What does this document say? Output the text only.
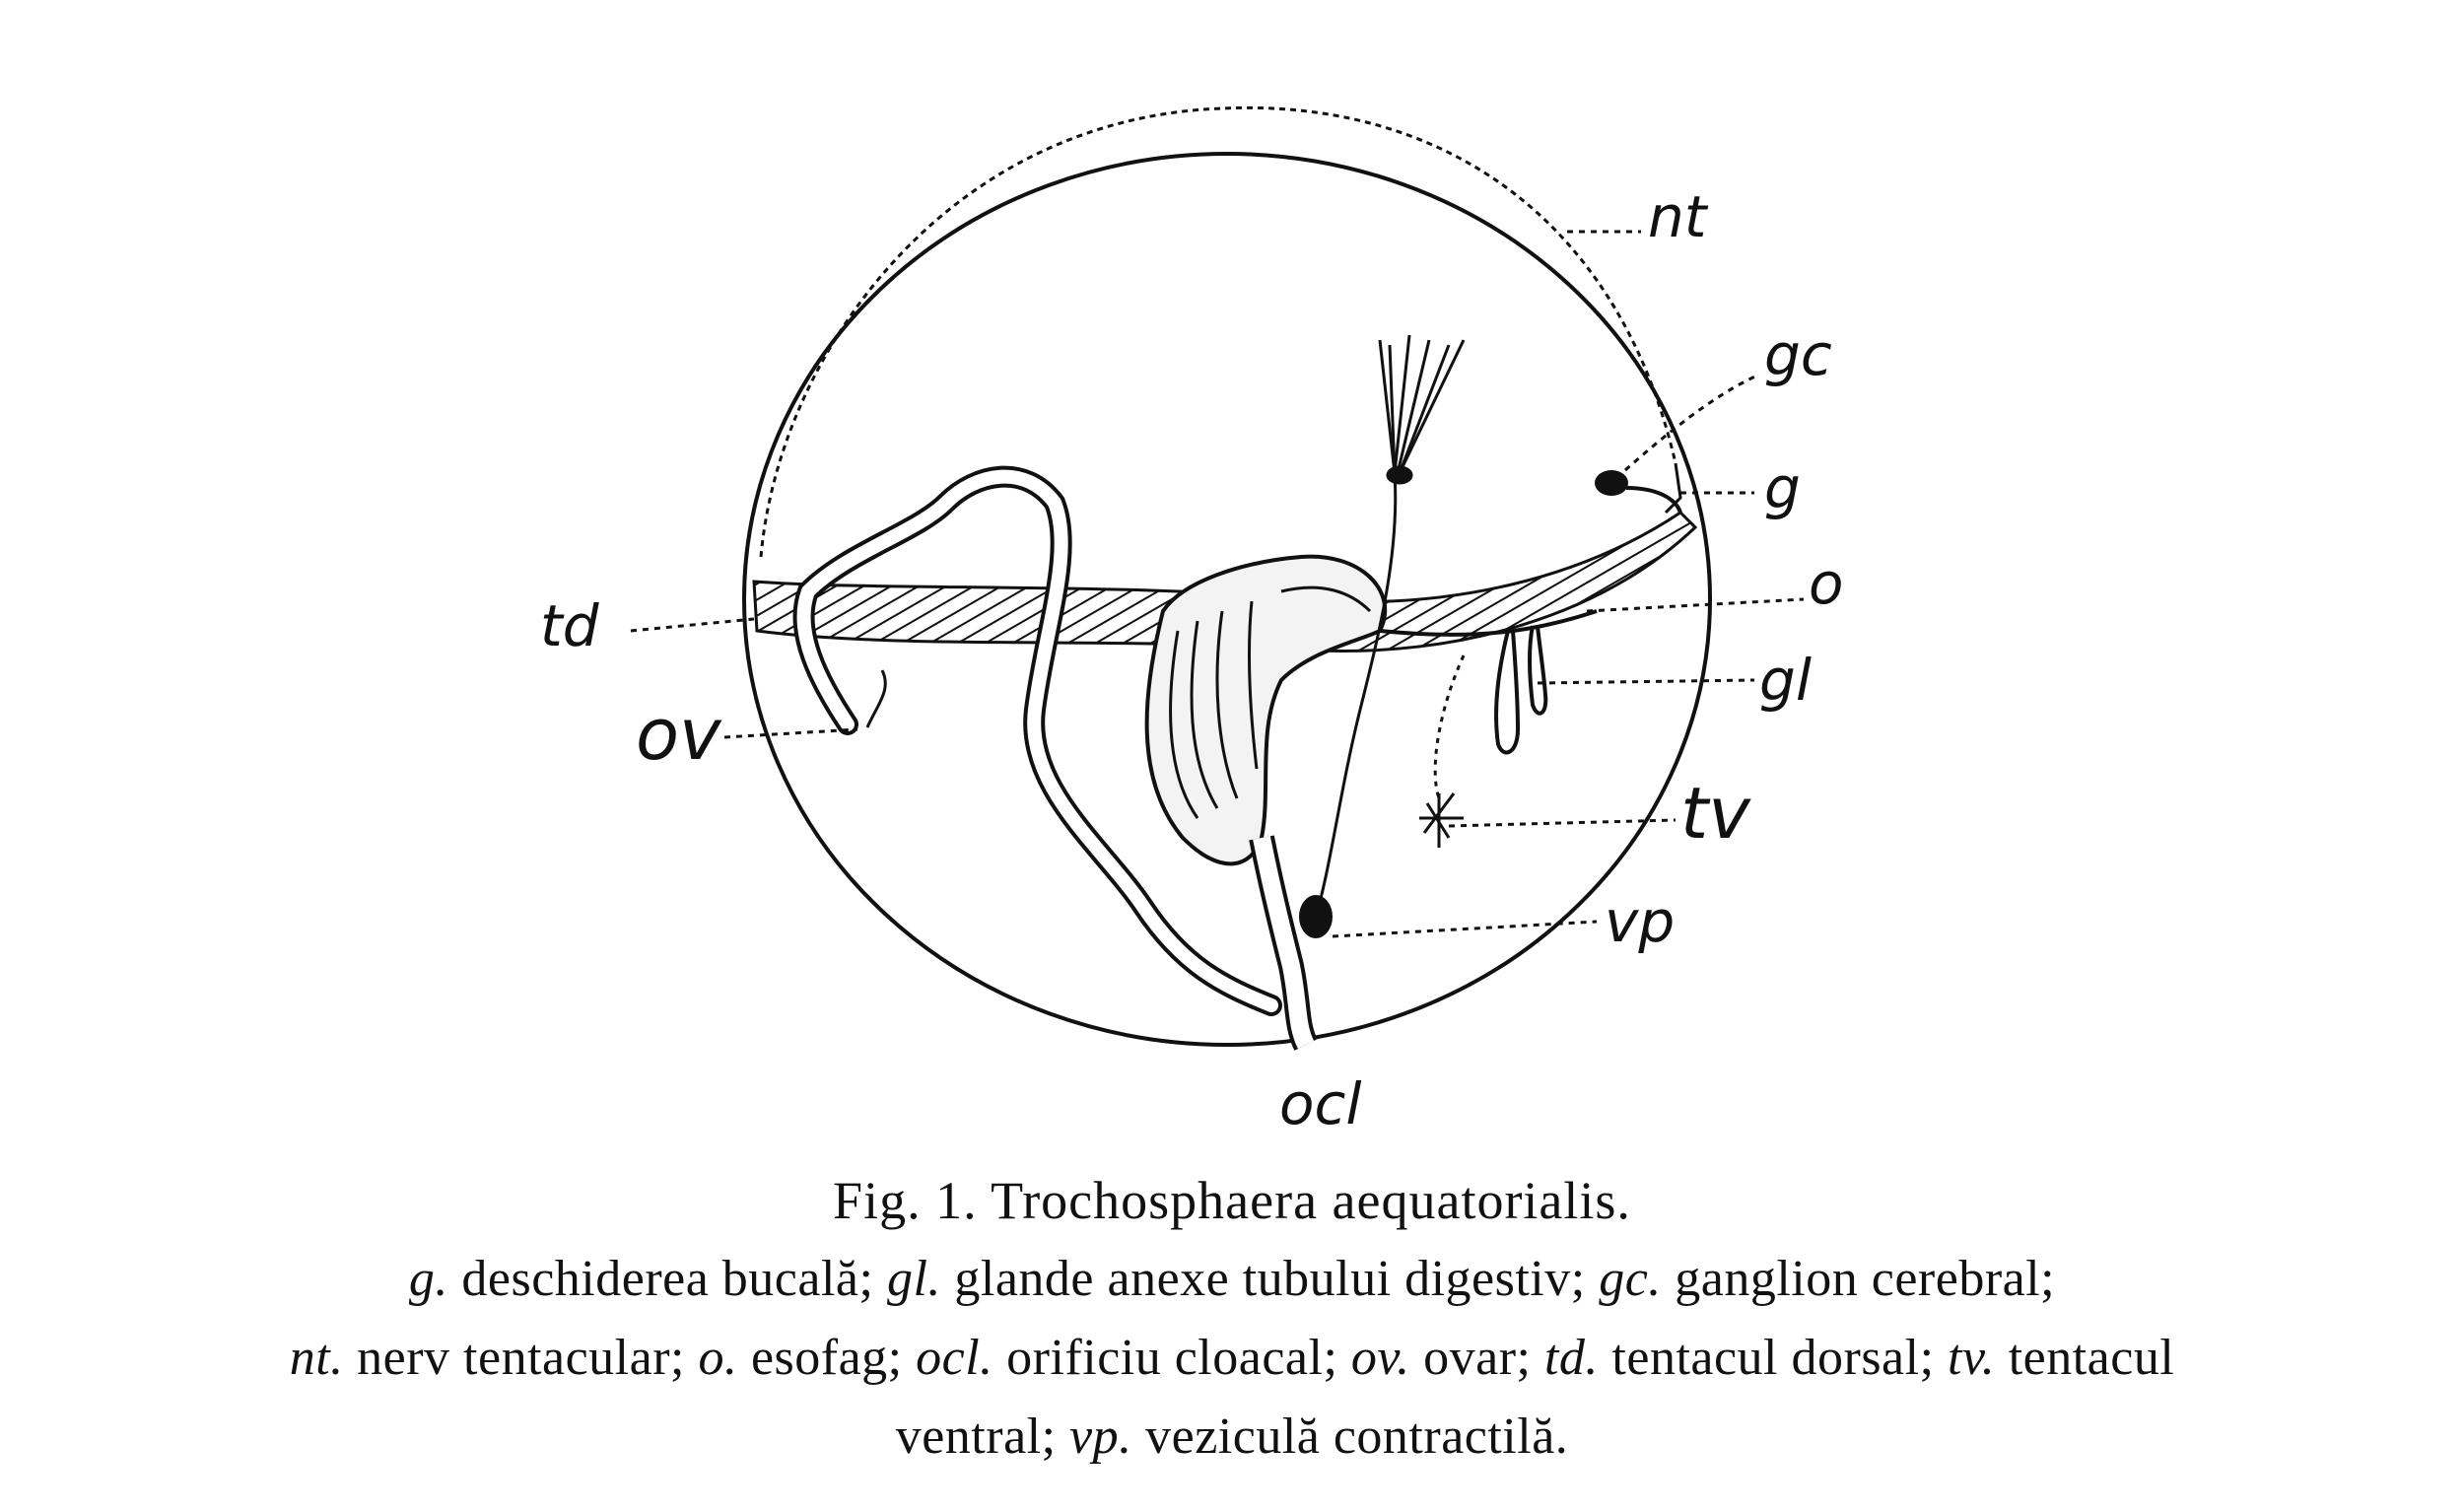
nt
gc
g
o
gl
tv
vp
ocl
td
ov
Fig. 1. Trochosphaera aequatorialis.
g. deschiderea bucală; gl. glande anexe tubului digestiv; gc. ganglion cerebral;
nt. nerv tentacular; o. esofag; ocl. orificiu cloacal; ov. ovar; td. tentacul dorsal; tv. tentacul
ventral; vp. veziculă contractilă.
